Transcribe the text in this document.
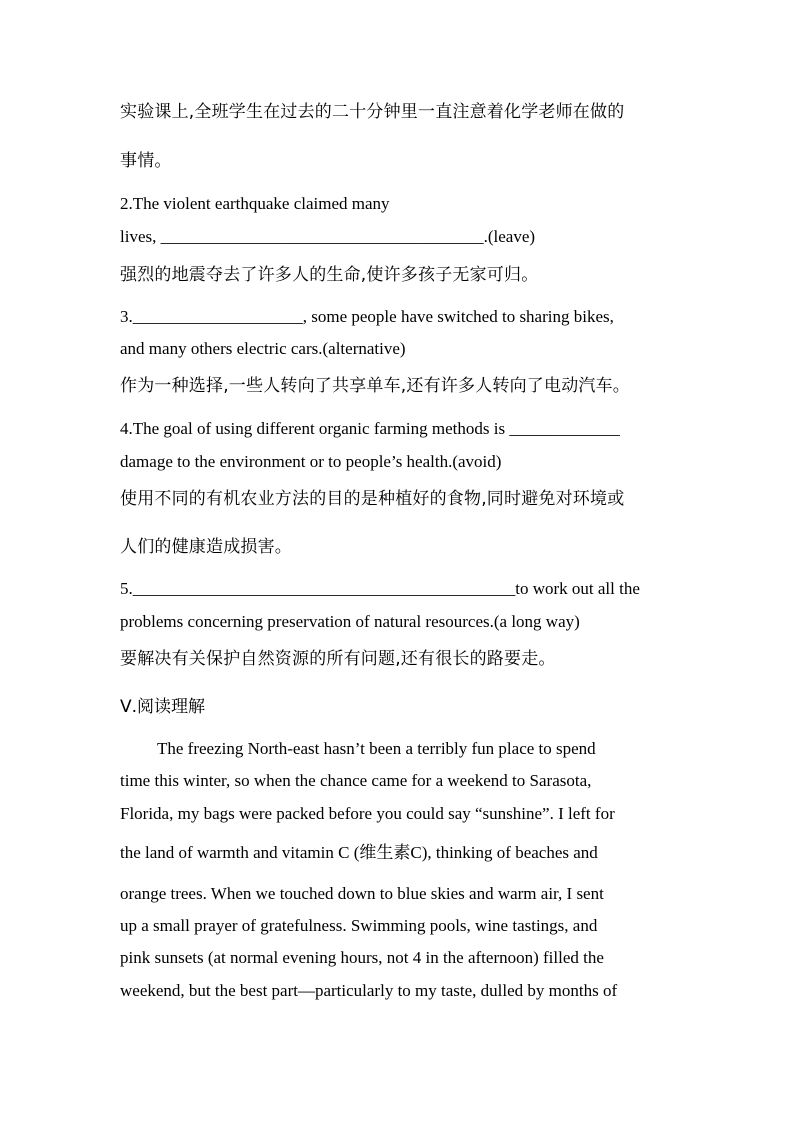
实验课上,全班学生在过去的二十分钟里一直注意着化学老师在做的
事情。
2.The violent earthquake claimed many
lives, ______________________________________.(leave)
强烈的地震夺去了许多人的生命,使许多孩子无家可归。
3.____________________, some people have switched to sharing bikes,
and many others electric cars.(alternative)
作为一种选择,一些人转向了共享单车,还有许多人转向了电动汽车。
4.The goal of using different organic farming methods is _____________
damage to the environment or to people’s health.(avoid)
使用不同的有机农业方法的目的是种植好的食物,同时避免对环境或
人们的健康造成损害。
5._____________________________________________to work out all the
problems concerning preservation of natural resources.(a long way)
要解决有关保护自然资源的所有问题,还有很长的路要走。
Ⅴ.阅读理解
The freezing North-east hasn’t been a terribly fun place to spend
time this winter, so when the chance came for a weekend to Sarasota,
Florida, my bags were packed before you could say “sunshine”. I left for
the land of warmth and vitamin C (维生素C), thinking of beaches and
orange trees. When we touched down to blue skies and warm air, I sent
up a small prayer of gratefulness. Swimming pools, wine tastings, and
pink sunsets (at normal evening hours, not 4 in the afternoon) filled the
weekend, but the best part—particularly to my taste, dulled by months of
